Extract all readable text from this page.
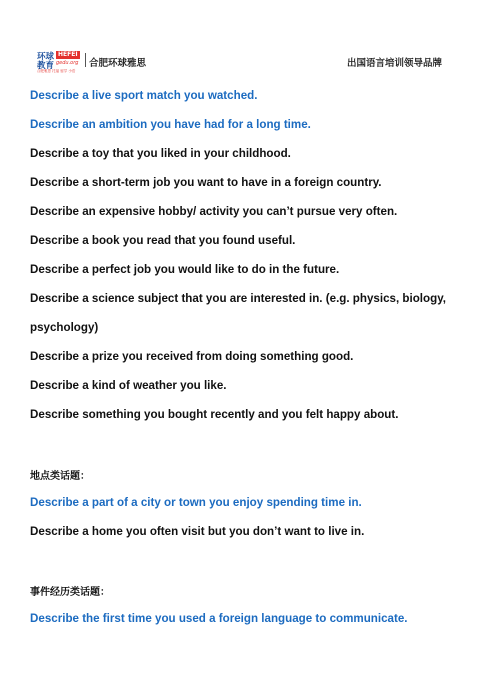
环球 HEFEI
教育 gedu.org
合肥雅思 托福 留学 小语
合肥环球雅思	出国语言培训领导品牌
Describe a live sport match you watched.
Describe an ambition you have had for a long time.
Describe a toy that you liked in your childhood.
Describe a short-term job you want to have in a foreign country.
Describe an expensive hobby/ activity you can’t pursue very often.
Describe a book you read that you found useful.
Describe a perfect job you would like to do in the future.
Describe a science subject that you are interested in. (e.g. physics, biology,
psychology)
Describe a prize you received from doing something good.
Describe a kind of weather you like.
Describe something you bought recently and you felt happy about.
地点类话题：
Describe a part of a city or town you enjoy spending time in.
Describe a home you often visit but you don’t want to live in.
事件经历类话题：
Describe the first time you used a foreign language to communicate.
